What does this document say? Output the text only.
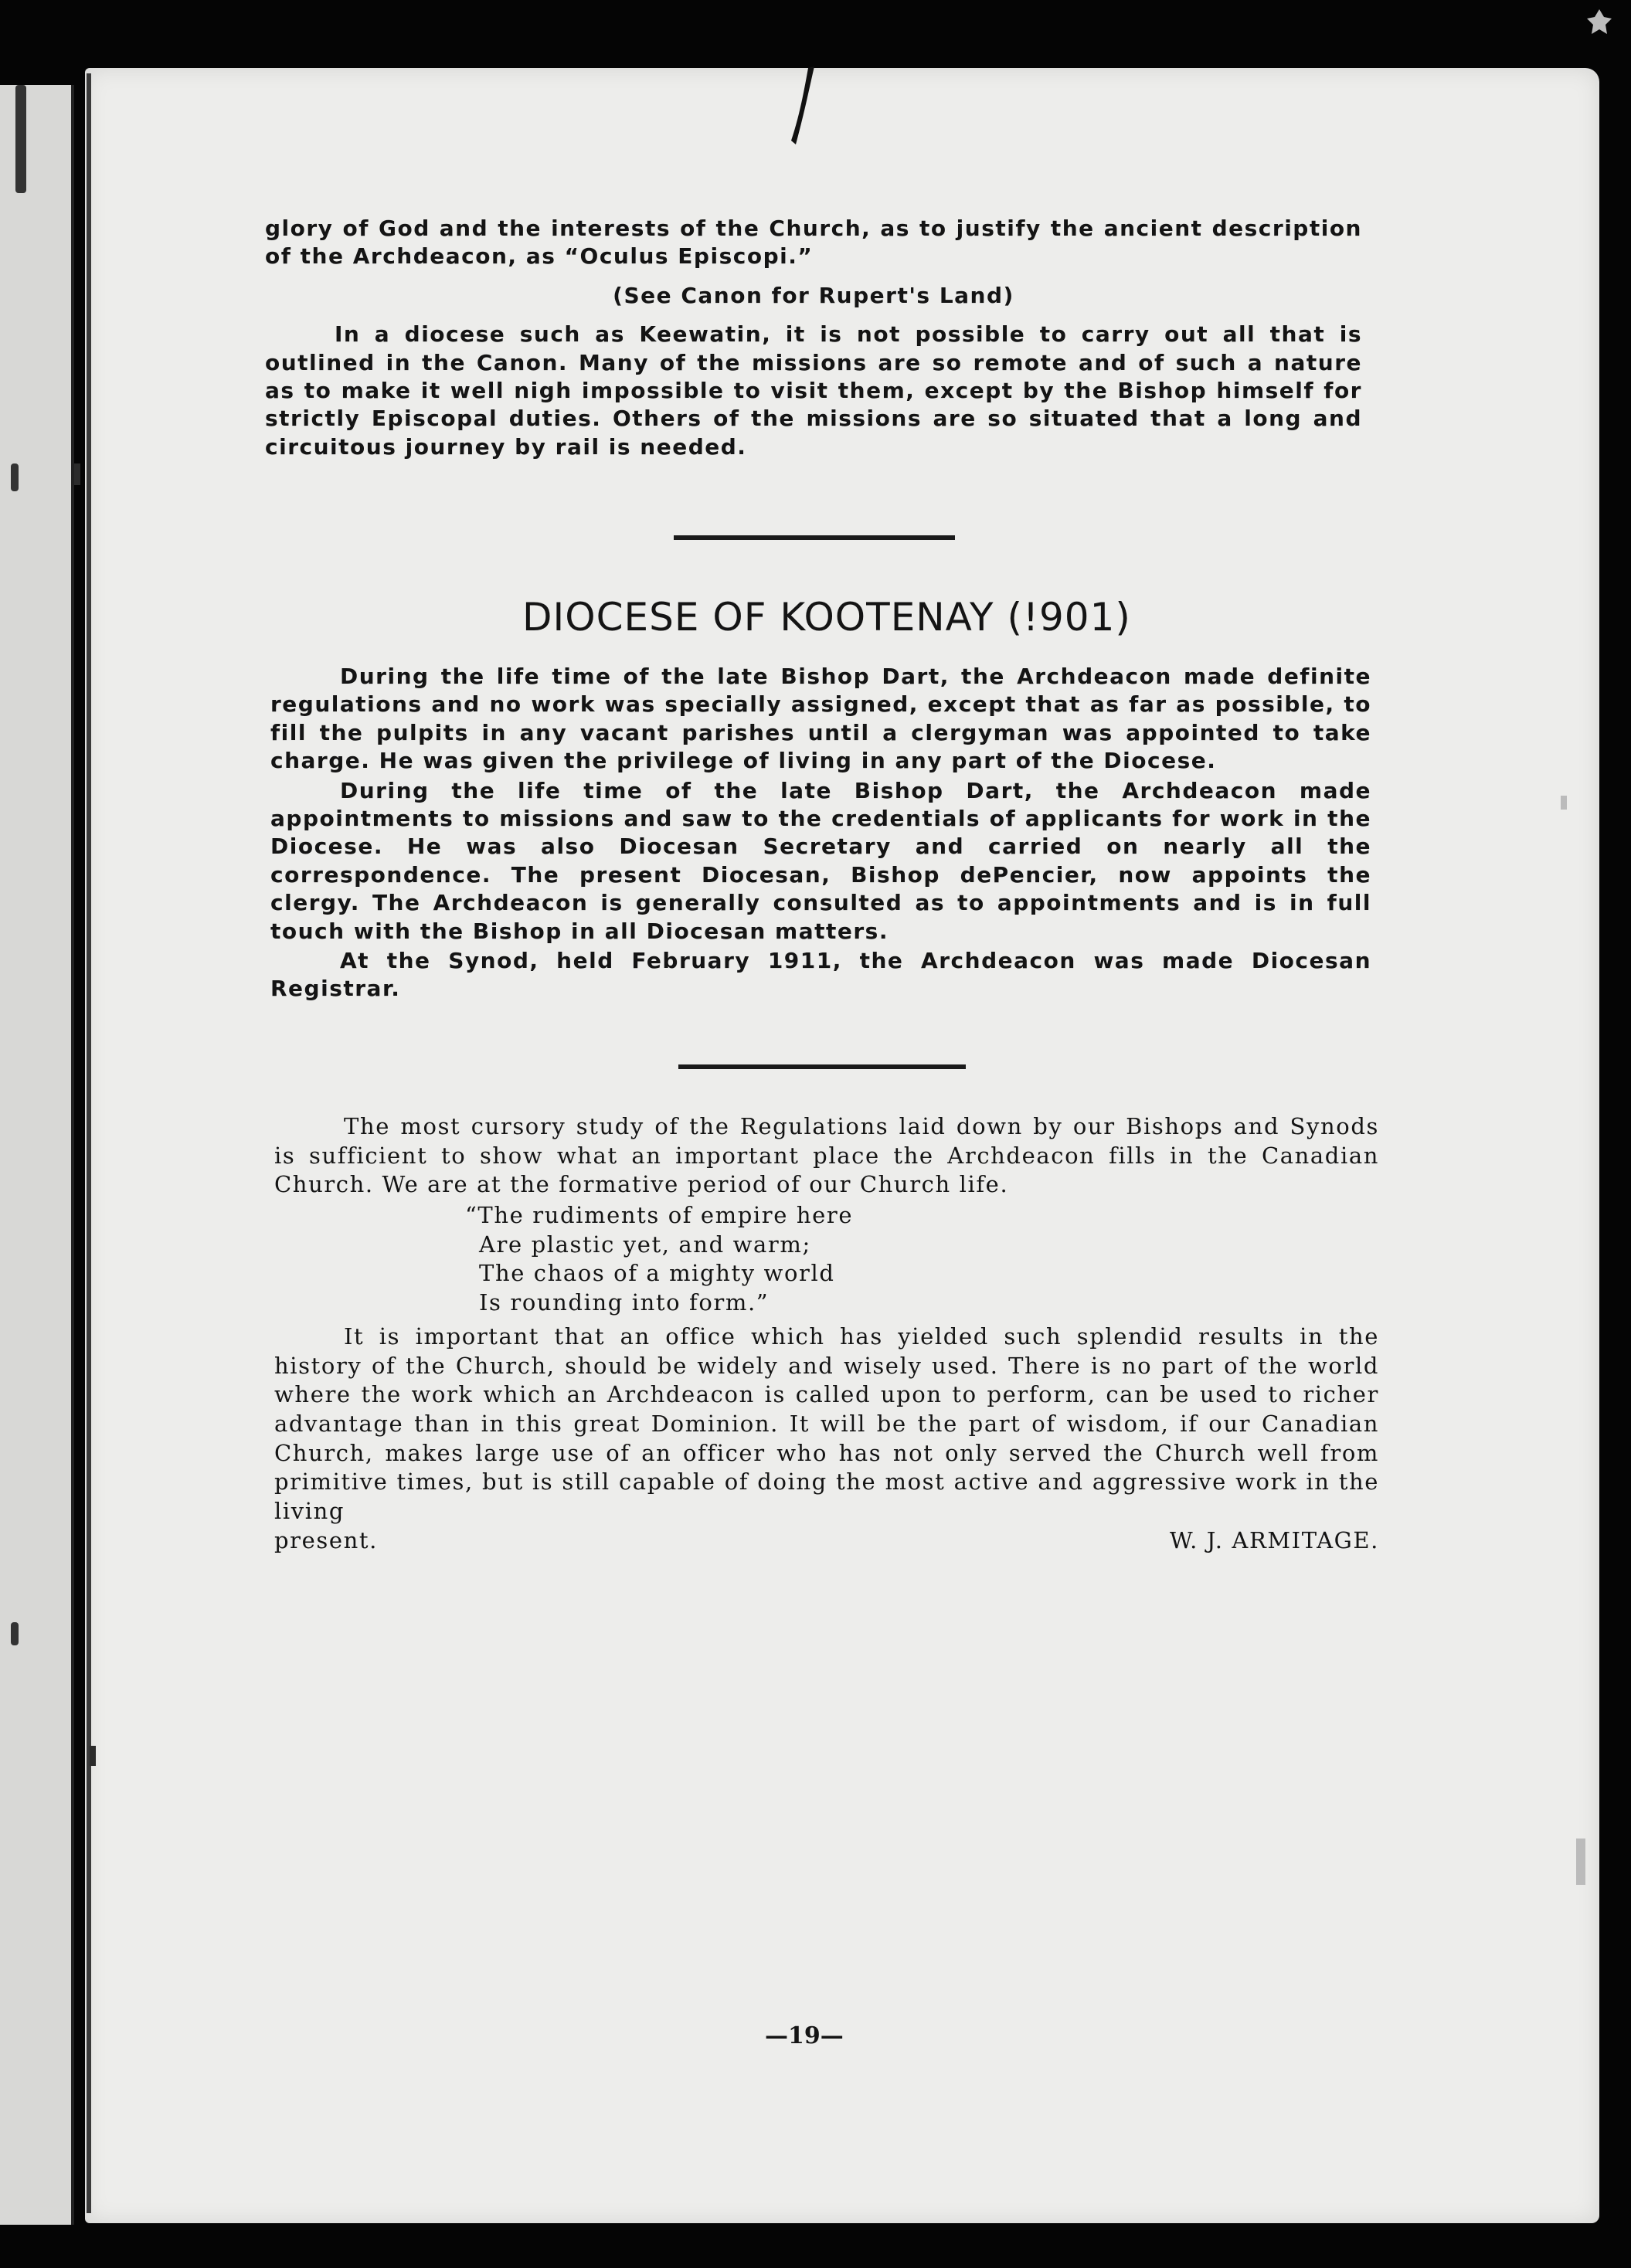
glory of God and the interests of the Church, as to justify the ancient description of the Archdeacon, as “Oculus Episcopi.”

(See Canon for Rupert's Land)

In a diocese such as Keewatin, it is not possible to carry out all that is outlined in the Canon. Many of the missions are so remote and of such a nature as to make it well nigh impossible to visit them, except by the Bishop himself for strictly Episcopal duties. Others of the missions are so situated that a long and circuitous journey by rail is needed.

DIOCESE OF KOOTENAY (!901)

During the life time of the late Bishop Dart, the Archdeacon made definite regulations and no work was specially assigned, except that as far as possible, to fill the pulpits in any vacant parishes until a clergyman was appointed to take charge. He was given the privilege of living in any part of the Diocese.

During the life time of the late Bishop Dart, the Archdeacon made appointments to missions and saw to the credentials of applicants for work in the Diocese. He was also Diocesan Secretary and carried on nearly all the correspondence. The present Diocesan, Bishop dePencier, now appoints the clergy. The Archdeacon is generally consulted as to appointments and is in full touch with the Bishop in all Diocesan matters.

At the Synod, held February 1911, the Archdeacon was made Diocesan Registrar.

The most cursory study of the Regulations laid down by our Bishops and Synods is sufficient to show what an important place the Archdeacon fills in the Canadian Church. We are at the formative period of our Church life.

“The rudiments of empire here
Are plastic yet, and warm;
The chaos of a mighty world
Is rounding into form.”

It is important that an office which has yielded such splendid results in the history of the Church, should be widely and wisely used. There is no part of the world where the work which an Archdeacon is called upon to perform, can be used to richer advantage than in this great Dominion. It will be the part of wisdom, if our Canadian Church, makes large use of an officer who has not only served the Church well from primitive times, but is still capable of doing the most active and aggressive work in the living

present.	W. J. ARMITAGE.
—19—
